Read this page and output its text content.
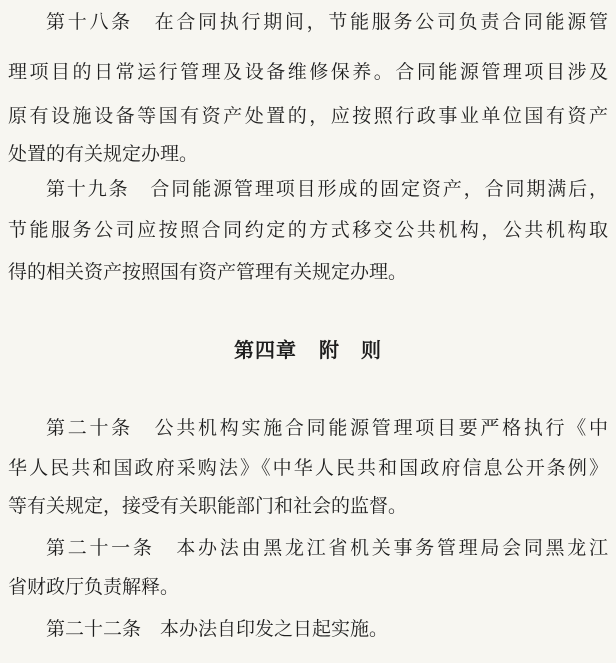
第十八条　在合同执行期间，节能服务公司负责合同能源管
理项目的日常运行管理及设备维修保养。合同能源管理项目涉及
原有设施设备等国有资产处置的，应按照行政事业单位国有资产
处置的有关规定办理。
第十九条　合同能源管理项目形成的固定资产，合同期满后，
节能服务公司应按照合同约定的方式移交公共机构，公共机构取
得的相关资产按照国有资产管理有关规定办理。
第四章 附　则
第二十条　公共机构实施合同能源管理项目要严格执行《中
华人民共和国政府采购法》《中华人民共和国政府信息公开条例》
等有关规定，接受有关职能部门和社会的监督。
第二十一条　本办法由黑龙江省机关事务管理局会同黑龙江
省财政厅负责解释。
第二十二条　本办法自印发之日起实施。
